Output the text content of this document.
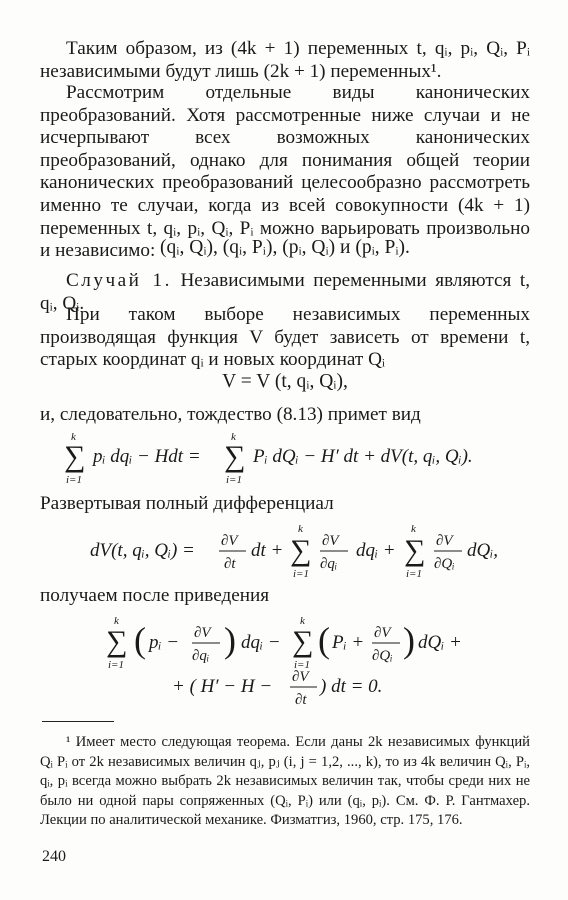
Таким образом, из (4k + 1) переменных t, qᵢ, pᵢ, Qᵢ, Pᵢ независимыми будут лишь (2k + 1) переменных¹.
Рассмотрим отдельные виды канонических преобразований. Хотя рассмотренные ниже случаи и не исчерпывают всех возможных канонических преобразований, однако для понимания общей теории канонических преобразований целесообразно рассмотреть именно те случаи, когда из всей совокупности (4k + 1) переменных t, qᵢ, pᵢ, Qᵢ, Pᵢ можно варьировать произвольно и независимо: (qᵢ, Qᵢ), (qᵢ, Pᵢ), (pᵢ, Qᵢ) и (pᵢ, Pᵢ).
Случай 1. Независимыми переменными являются t, qᵢ, Qᵢ.
При таком выборе независимых переменных производящая функция V будет зависеть от времени t, старых координат qᵢ и новых координат Qᵢ
V = V (t, qᵢ, Qᵢ),
и, следовательно, тождество (8.13) примет вид
k
∑
i=1
pᵢ dqᵢ − Hdt =
k
∑
i=1
Pᵢ dQᵢ − H′ dt + dV(t, qᵢ, Qᵢ).
Развертывая полный дифференциал
dV(t, qᵢ, Qᵢ) = ∂V
∂t
dt +
k
∑
i=1
∂V
∂qᵢ
dqᵢ +
k
∑
i=1
∂V
∂Qᵢ
dQᵢ,
получаем после приведения
k
∑
i=1
( pᵢ − ∂V
∂qᵢ ) dqᵢ −
k
∑
i=1
( Pᵢ + ∂V
∂Qᵢ ) dQᵢ +
+ ( H′ − H − ∂V
∂t
) dt = 0.
¹ Имеет место следующая теорема. Если даны 2k независимых функций Qᵢ Pᵢ от 2k независимых величин qⱼ, pⱼ (i, j = 1,2, ..., k), то из 4k величин Qᵢ, Pᵢ, qᵢ, pᵢ всегда можно выбрать 2k независимых величин так, чтобы среди них не было ни одной пары сопряженных (Qᵢ, Pᵢ) или (qᵢ, pᵢ). См. Ф. Р. Гантмахер. Лекции по аналитической механике. Физматгиз, 1960, стр. 175, 176.
240
